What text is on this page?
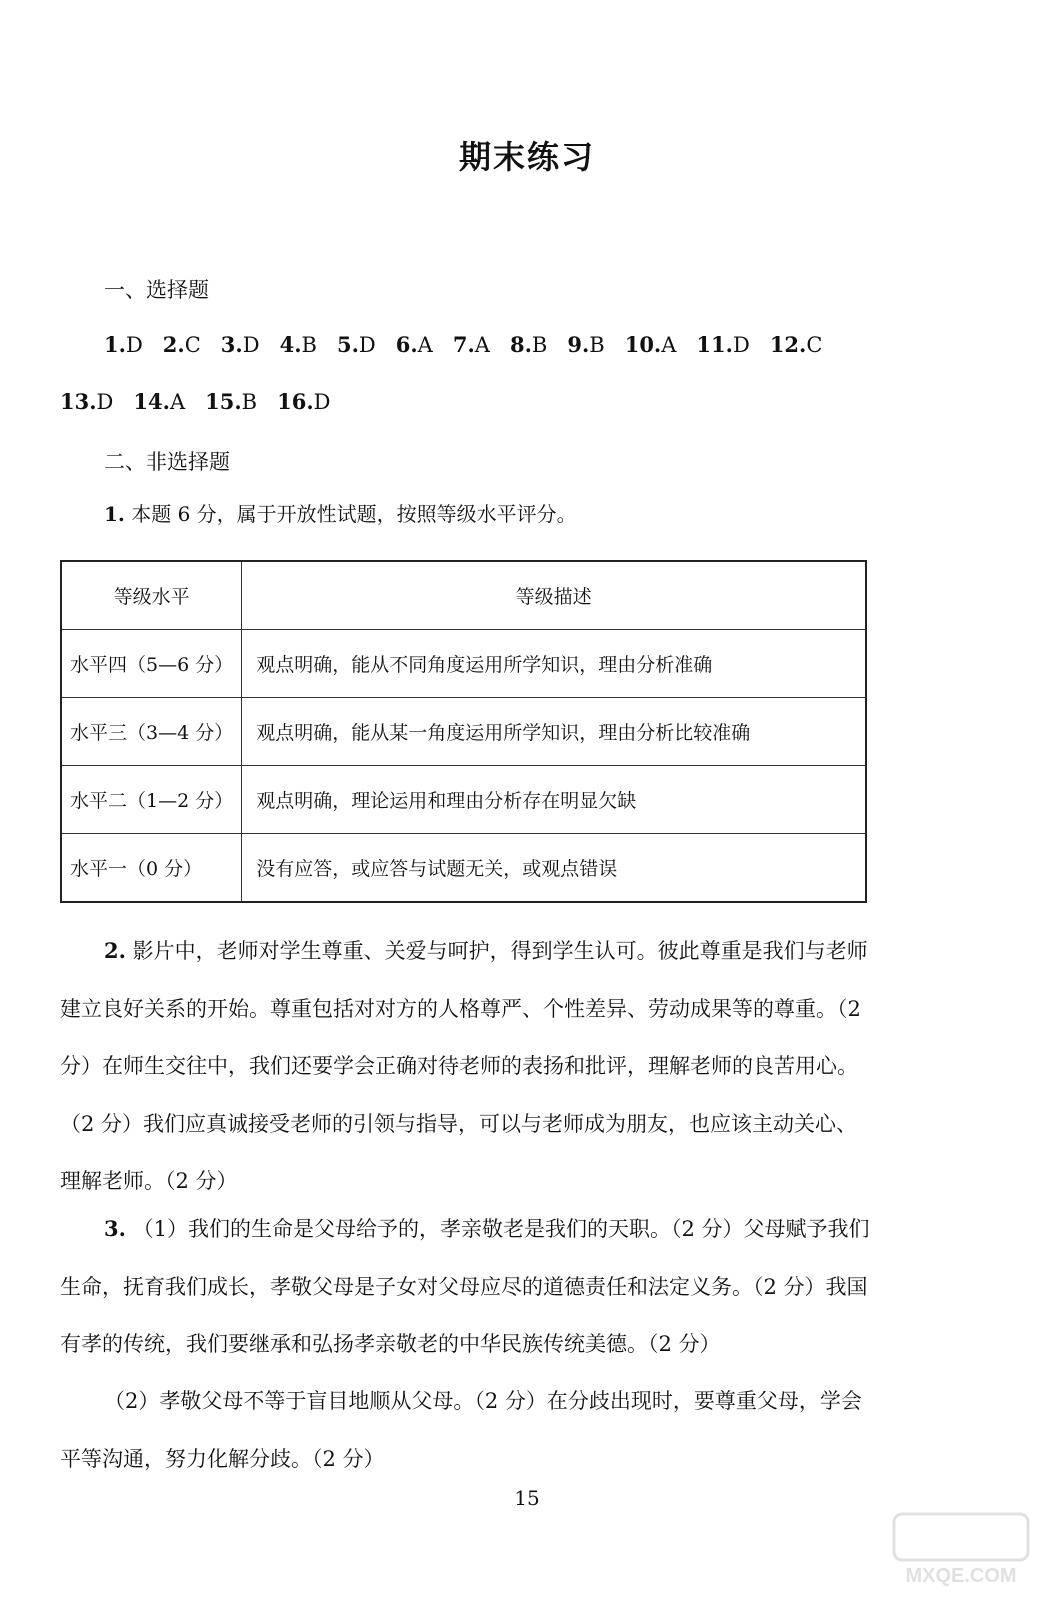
期末练习
一、选择题
1.D 2.C 3.D 4.B 5.D 6.A 7.A 8.B 9.B 10.A 11.D 12.C
13.D 14.A 15.B 16.D
二、非选择题
1. 本题 6 分，属于开放性试题，按照等级水平评分。
等级水平	等级描述
水平四（5—6 分）	观点明确，能从不同角度运用所学知识，理由分析准确
水平三（3—4 分）	观点明确，能从某一角度运用所学知识，理由分析比较准确
水平二（1—2 分）	观点明确，理论运用和理由分析存在明显欠缺
水平一（0 分）	没有应答，或应答与试题无关，或观点错误
2. 影片中，老师对学生尊重、关爱与呵护，得到学生认可。彼此尊重是我们与老师建立良好关系的开始。尊重包括对对方的人格尊严、个性差异、劳动成果等的尊重。（2 分）在师生交往中，我们还要学会正确对待老师的表扬和批评，理解老师的良苦用心。（2 分）我们应真诚接受老师的引领与指导，可以与老师成为朋友，也应该主动关心、理解老师。（2 分）
3. （1）我们的生命是父母给予的，孝亲敬老是我们的天职。（2 分）父母赋予我们生命，抚育我们成长，孝敬父母是子女对父母应尽的道德责任和法定义务。（2 分）我国有孝的传统，我们要继承和弘扬孝亲敬老的中华民族传统美德。（2 分）
（2）孝敬父母不等于盲目地顺从父母。（2 分）在分歧出现时，要尊重父母，学会平等沟通，努力化解分歧。（2 分）
15
MXQE.COM
